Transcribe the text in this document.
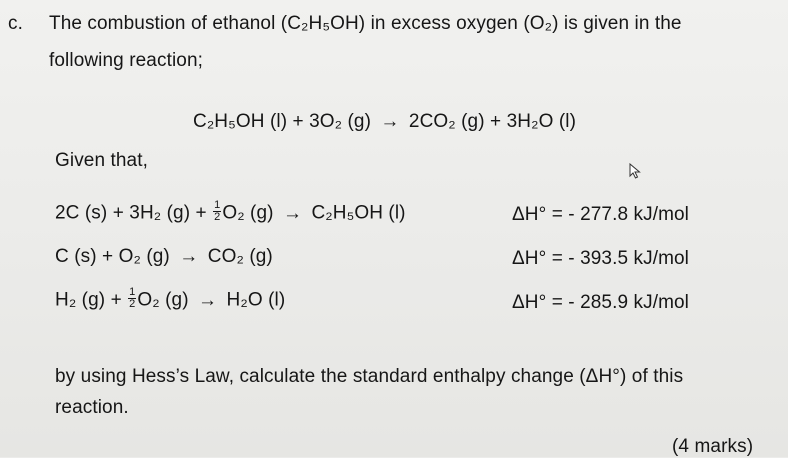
c. The combustion of ethanol (C₂H₅OH) in excess oxygen (O₂) is given in the
following reaction;
C₂H₅OH (l) + 3O₂ (g) → 2CO₂ (g) + 3H₂O (l)
Given that,
2C (s) + 3H₂ $(g) + \frac{1}{2} O_2$ (g) → C₂H₅OH (l)	ΔH° = - 277.8 kJ/mol
C (s) + O₂ (g) → CO₂ (g)	ΔH° = - 393.5 kJ/mol
H₂ $(g) + \frac{1}{2} O_2$ (g) → H₂O (l)	ΔH° = - 285.9 kJ/mol
by using Hess’s Law, calculate the standard enthalpy change (ΔH°) of this
reaction.
(4 marks)
